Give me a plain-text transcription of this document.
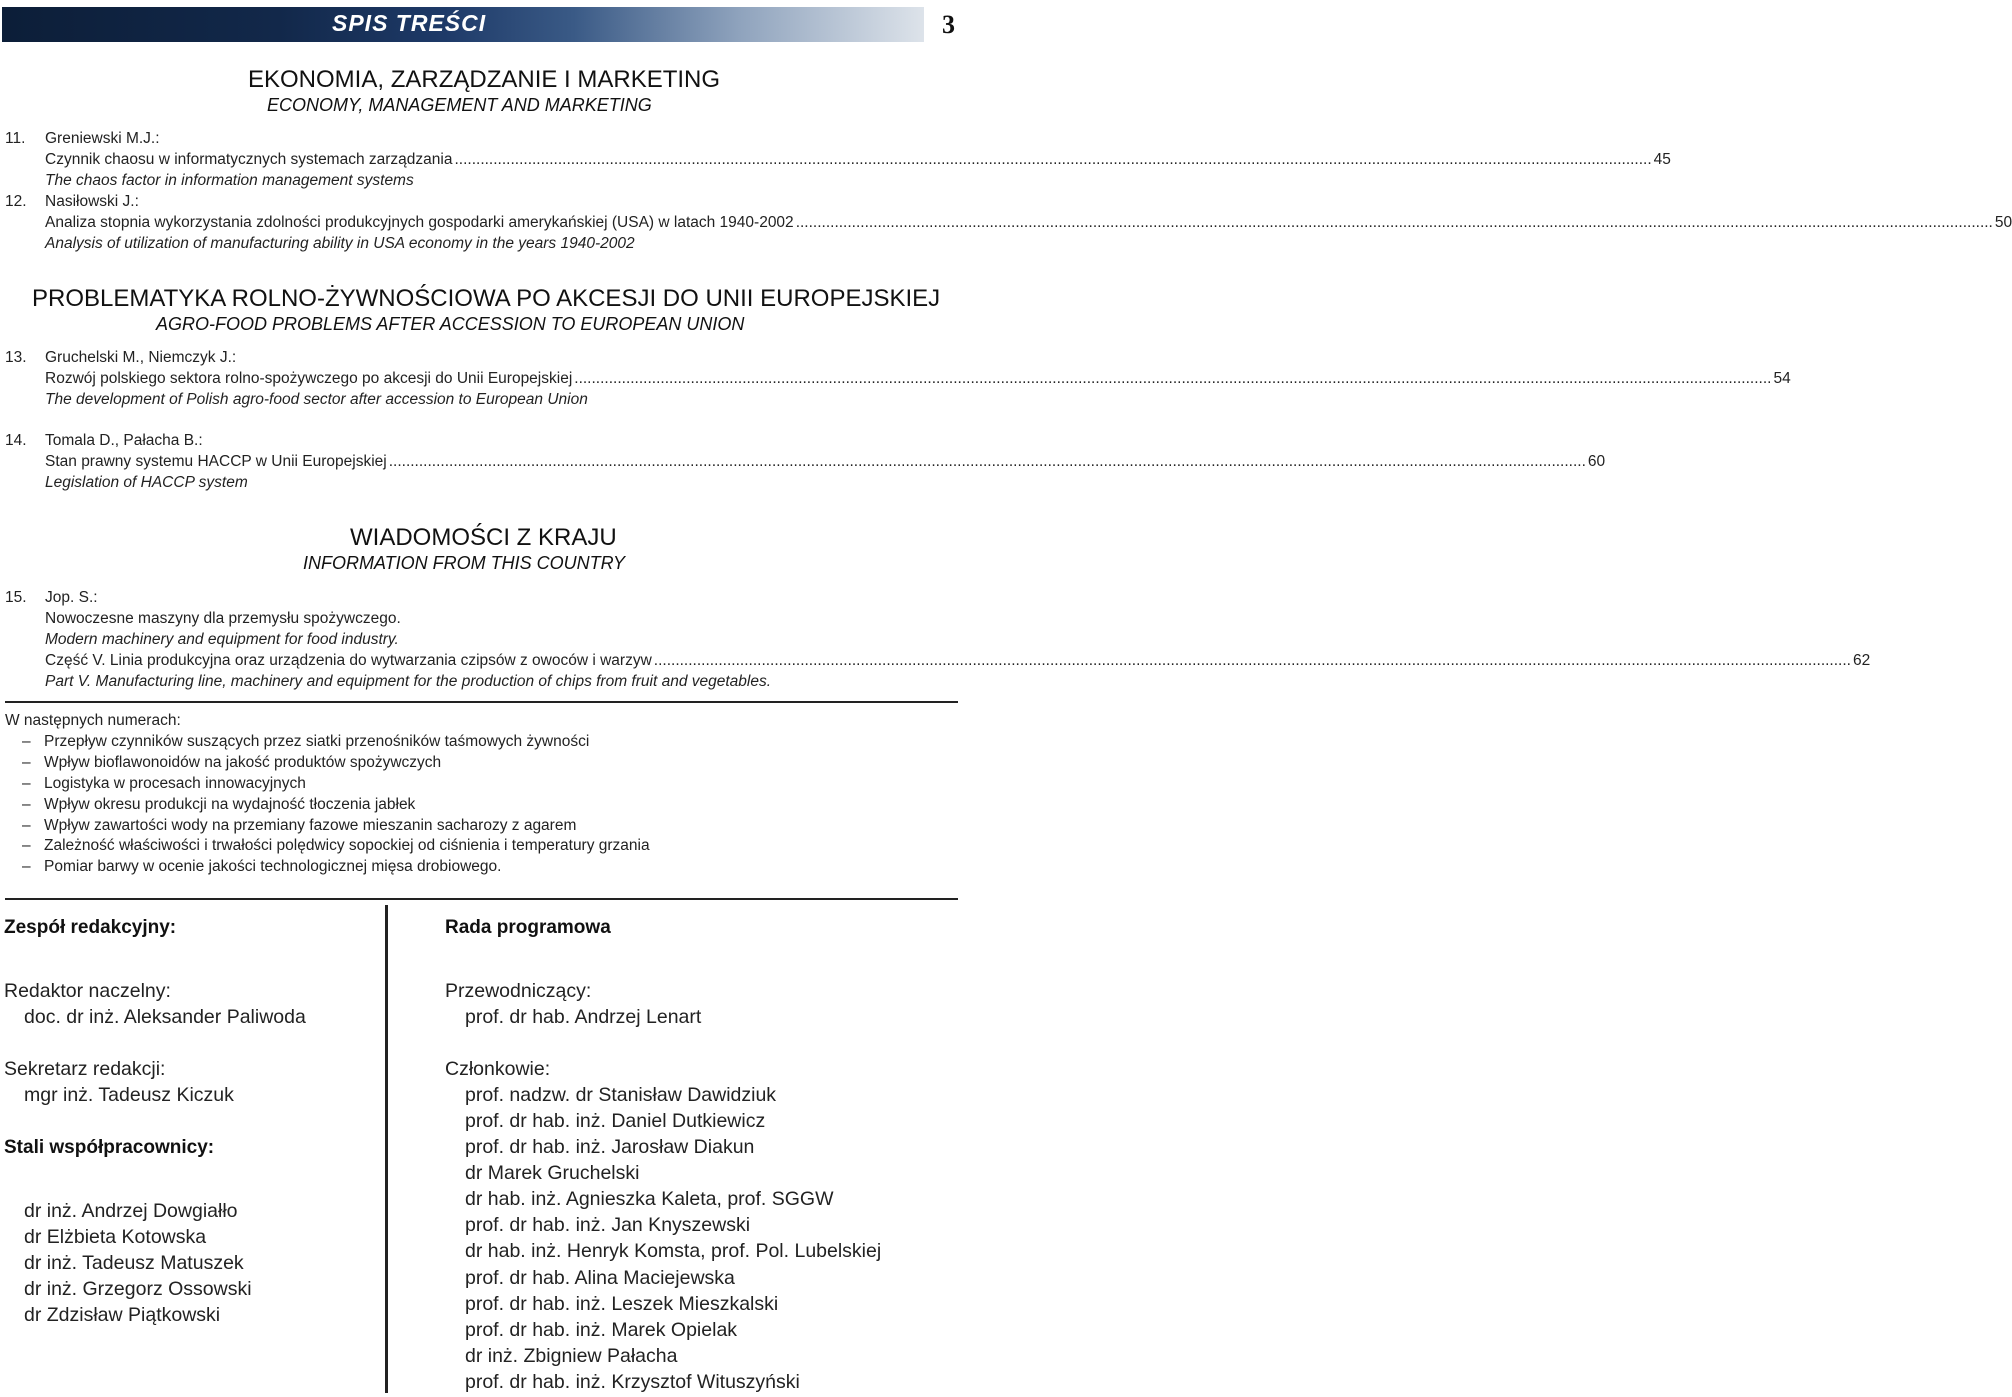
SPIS TREŚCI	3
EKONOMIA, ZARZĄDZANIE I MARKETING
ECONOMY, MANAGEMENT AND MARKETING
11. Greniewski M.J.:
Czynnik chaosu w informatycznych systemach zarządzania ...................................................................................................................................................................................................................................................................................... 45
The chaos factor in information management systems
12. Nasiłowski J.:
Analiza stopnia wykorzystania zdolności produkcyjnych gospodarki amerykańskiej (USA) w latach 1940-2002 ...................................................................................................................................................................................................................................................................................... 50
Analysis of utilization of manufacturing ability in USA economy in the years 1940-2002
PROBLEMATYKA ROLNO-ŻYWNOŚCIOWA PO AKCESJI DO UNII EUROPEJSKIEJ
AGRO-FOOD PROBLEMS AFTER ACCESSION TO EUROPEAN UNION
13. Gruchelski M., Niemczyk J.:
Rozwój polskiego sektora rolno-spożywczego po akcesji do Unii Europejskiej ...................................................................................................................................................................................................................................................................................... 54
The development of Polish agro-food sector after accession to European Union
14. Tomala D., Pałacha B.:
Stan prawny systemu HACCP w Unii Europejskiej ...................................................................................................................................................................................................................................................................................... 60
Legislation of HACCP system
WIADOMOŚCI Z KRAJU
INFORMATION FROM THIS COUNTRY
15. Jop. S.:
Nowoczesne maszyny dla przemysłu spożywczego.
Modern machinery and equipment for food industry.
Część V. Linia produkcyjna oraz urządzenia do wytwarzania czipsów z owoców i warzyw ...................................................................................................................................................................................................................................................................................... 62
Part V. Manufacturing line, machinery and equipment for the production of chips from fruit and vegetables.
W następnych numerach:
– Przepływ czynników suszących przez siatki przenośników taśmowych żywności
– Wpływ bioflawonoidów na jakość produktów spożywczych
– Logistyka w procesach innowacyjnych
– Wpływ okresu produkcji na wydajność tłoczenia jabłek
– Wpływ zawartości wody na przemiany fazowe mieszanin sacharozy z agarem
– Zależność właściwości i trwałości polędwicy sopockiej od ciśnienia i temperatury grzania
– Pomiar barwy w ocenie jakości technologicznej mięsa drobiowego.
Zespół redakcyjny:
Redaktor naczelny:
doc. dr inż. Aleksander Paliwoda
Sekretarz redakcji:
mgr inż. Tadeusz Kiczuk
Stali współpracownicy:
dr inż. Andrzej Dowgiałło
dr Elżbieta Kotowska
dr inż. Tadeusz Matuszek
dr inż. Grzegorz Ossowski
dr Zdzisław Piątkowski
Rada programowa
Przewodniczący:
prof. dr hab. Andrzej Lenart
Członkowie:
prof. nadzw. dr Stanisław Dawidziuk
prof. dr hab. inż. Daniel Dutkiewicz
prof. dr hab. inż. Jarosław Diakun
dr Marek Gruchelski
dr hab. inż. Agnieszka Kaleta, prof. SGGW
prof. dr hab. inż. Jan Knyszewski
dr hab. inż. Henryk Komsta, prof. Pol. Lubelskiej
prof. dr hab. Alina Maciejewska
prof. dr hab. inż. Leszek Mieszkalski
prof. dr hab. inż. Marek Opielak
dr inż. Zbigniew Pałacha
prof. dr hab. inż. Krzysztof Wituszyński
